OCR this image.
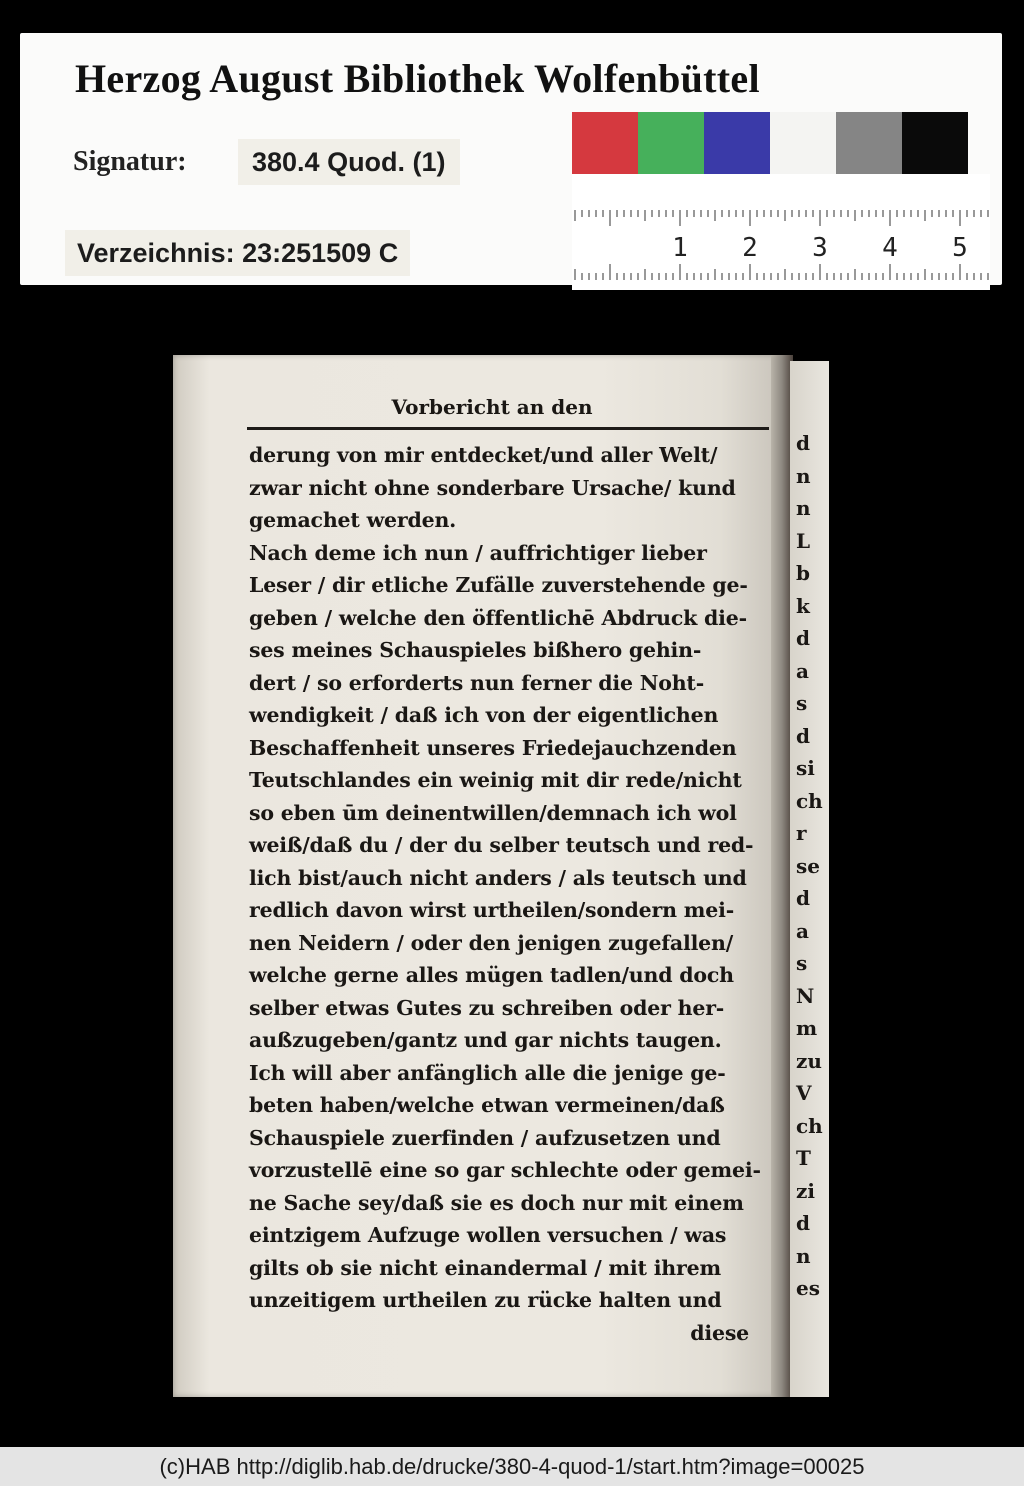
Herzog August Bibliothek Wolfenbüttel
Signatur:	380.4 Quod. (1)
Verzeichnis: 23:251509 C	1 2 3 4 5
Vorbericht an den
derung von mir entdecket/und aller Welt/
zwar nicht ohne sonderbare Ursache/ kund
gemachet werden.
Nach deme ich nun / auffrichtiger lieber
Leser / dir etliche Zufälle zuverstehende ge-
geben / welche den öffentlichē Abdruck die-
ses meines Schauspieles bißhero gehin-
dert / so erforderts nun ferner die Noht-
wendigkeit / daß ich von der eigentlichen
Beschaffenheit unseres Friedejauchzenden
Teutschlandes ein weinig mit dir rede/nicht
so eben ūm deinentwillen/demnach ich wol
weiß/daß du / der du selber teutsch und red-
lich bist/auch nicht anders / als teutsch und
redlich davon wirst urtheilen/sondern mei-
nen Neidern / oder den jenigen zugefallen/
welche gerne alles mügen tadlen/und doch
selber etwas Gutes zu schreiben oder her-
außzugeben/gantz und gar nichts taugen.
Ich will aber anfänglich alle die jenige ge-
beten haben/welche etwan vermeinen/daß
Schauspiele zuerfinden / aufzusetzen und
vorzustellē eine so gar schlechte oder gemei-
ne Sache sey/daß sie es doch nur mit einem
eintzigem Aufzuge wollen versuchen / was
gilts ob sie nicht einandermal / mit ihrem
unzeitigem urtheilen zu rücke halten und
diese
d
n
n
L
b
k
d
a
s
d
si
ch
r
se
d
a
s
N
m
zu
V
ch
T
zi
d
n
es
(c)HAB http://diglib.hab.de/drucke/380-4-quod-1/start.htm?image=00025
